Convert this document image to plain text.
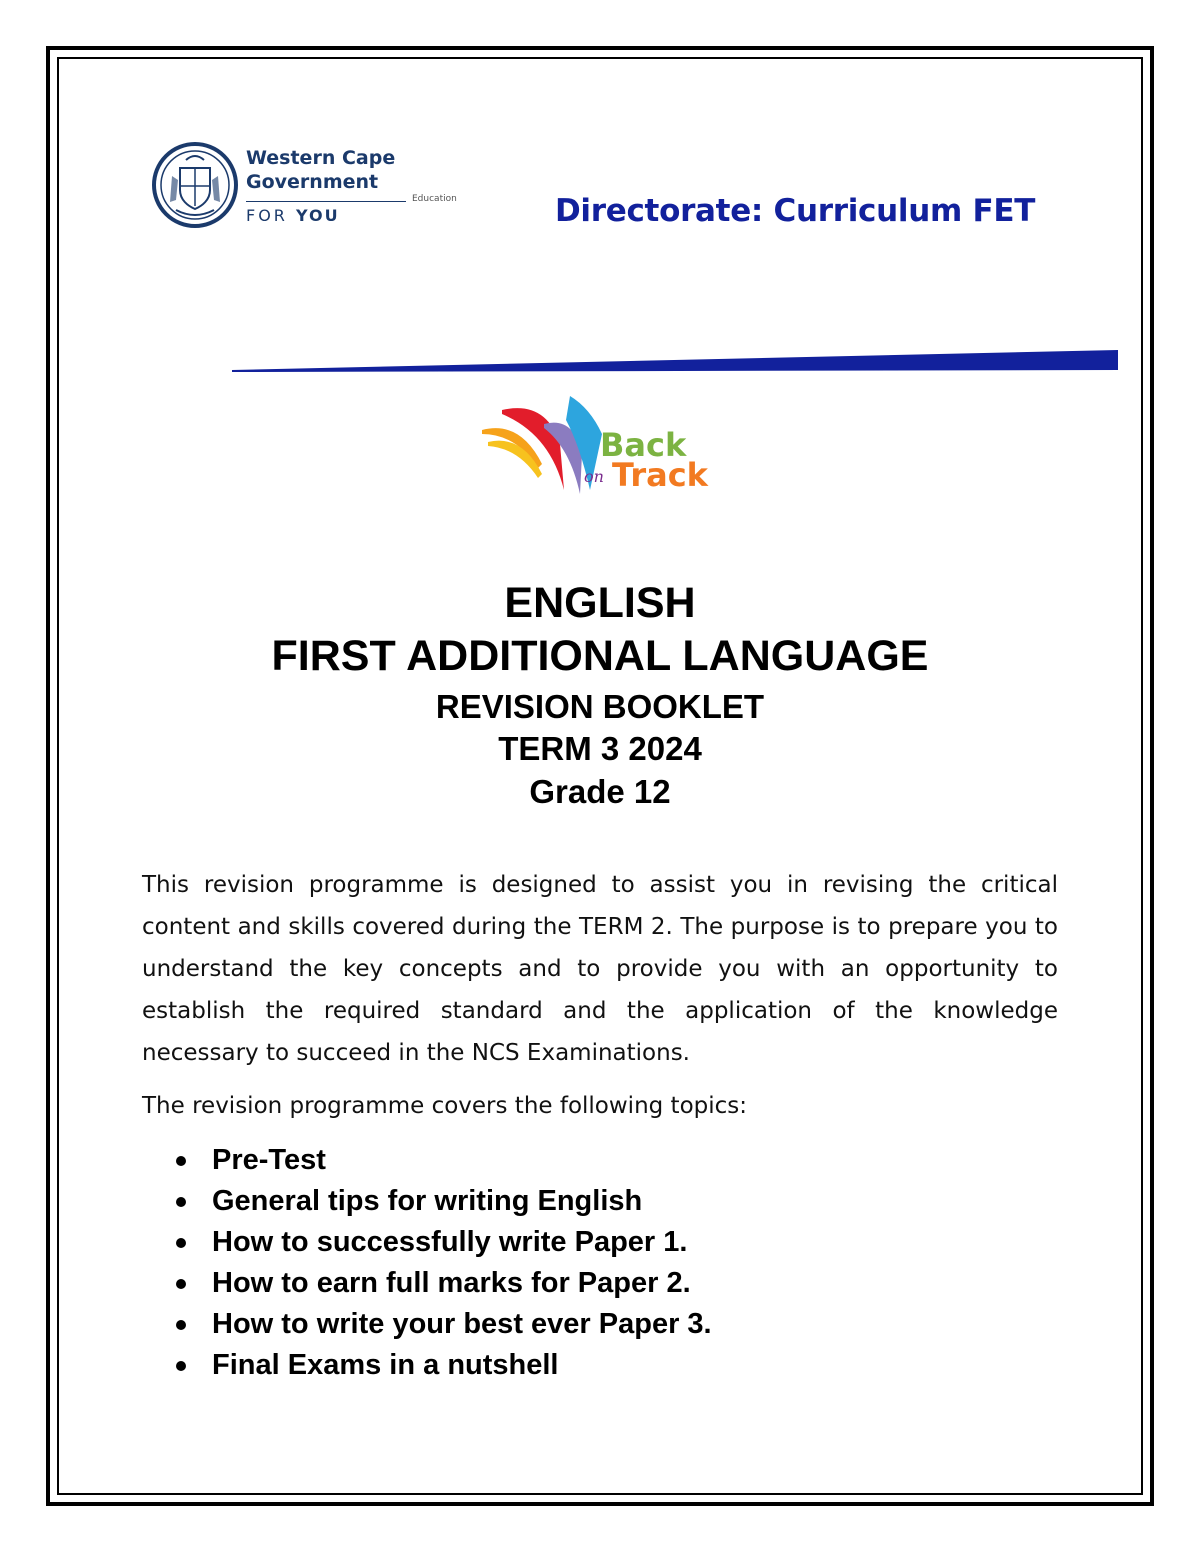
Western Cape
Government
FOR YOU
Education	Directorate: Curriculum FET
Back
on Track
ENGLISH
FIRST ADDITIONAL LANGUAGE
REVISION BOOKLET
TERM 3 2024
Grade 12

This revision programme is designed to assist you in revising the critical content and skills covered during the TERM 2. The purpose is to prepare you to understand the key concepts and to provide you with an opportunity to establish the required standard and the application of the knowledge necessary to succeed in the NCS Examinations.

The revision programme covers the following topics:

Pre-Test
General tips for writing English
How to successfully write Paper 1.
How to earn full marks for Paper 2.
How to write your best ever Paper 3.
Final Exams in a nutshell
